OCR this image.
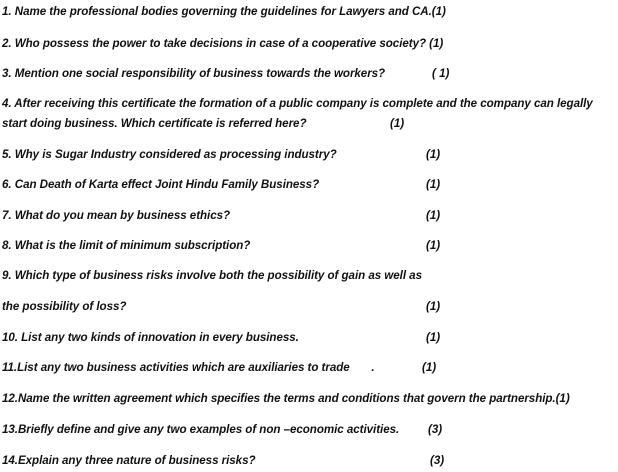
1. Name the professional bodies governing the guidelines for Lawyers and CA.(1)
2. Who possess the power to take decisions in case of a cooperative society? (1)
3. Mention one social responsibility of business towards the workers?	( 1)
4. After receiving this certificate the formation of a public company is complete and the company can legally
start doing business. Which certificate is referred here?	(1)
5. Why is Sugar Industry considered as processing industry?	(1)
6. Can Death of Karta effect Joint Hindu Family Business?	(1)
7. What do you mean by business ethics?	(1)
8. What is the limit of minimum subscription?	(1)
9. Which type of business risks involve both the possibility of gain as well as
the possibility of loss?	(1)
10. List any two kinds of innovation in every business.	(1)
11.List any two business activities which are auxiliaries to trade .	(1)
12.Name the written agreement which specifies the terms and conditions that govern the partnership.(1)
13.Briefly define and give any two examples of non –economic activities. (3)
14.Explain any three nature of business risks?	(3)
